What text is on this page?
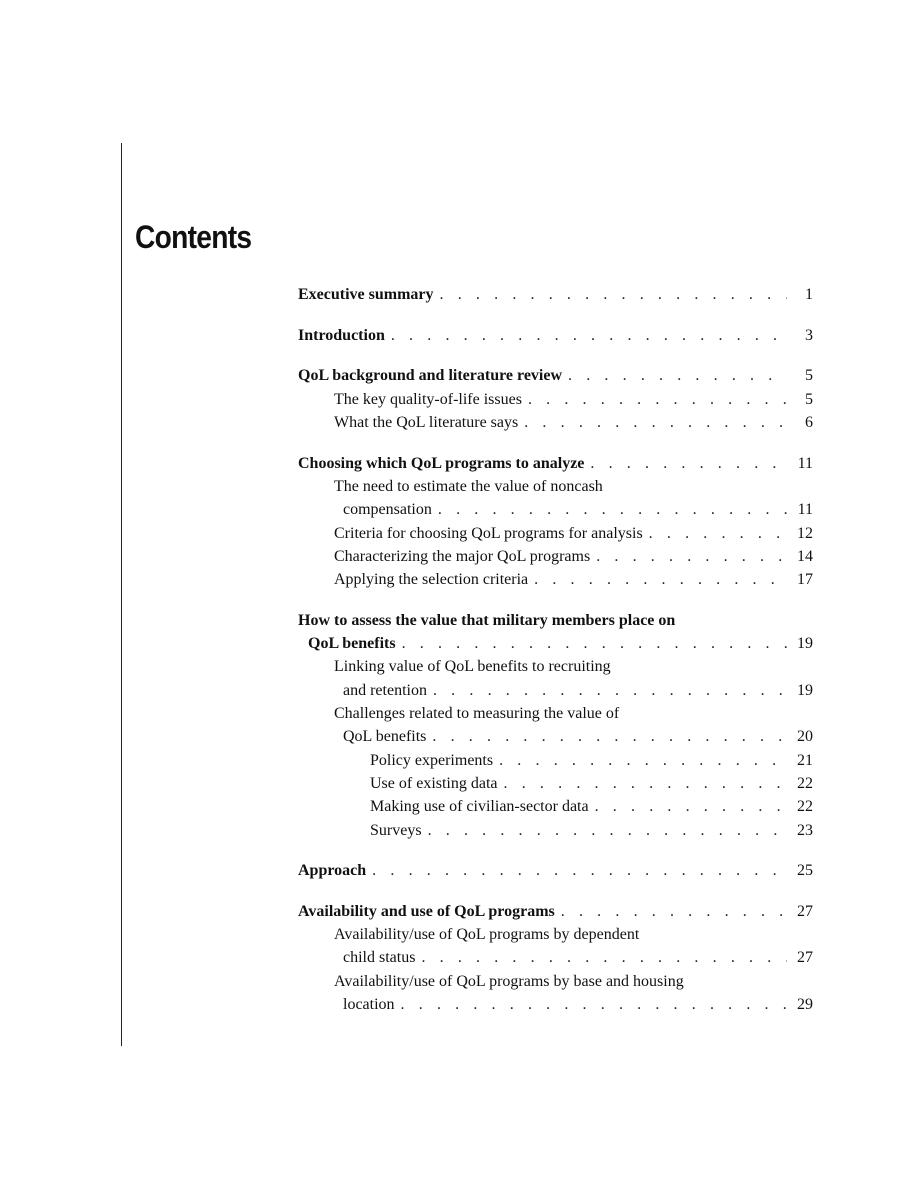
Contents
Executive summary . . .	1
Introduction . . .	3
QoL background and literature review . . .	5
The key quality-of-life issues . . .	5
What the QoL literature says . . .	6
Choosing which QoL programs to analyze . . .	11
The need to estimate the value of noncash
compensation . . .	11
Criteria for choosing QoL programs for analysis . . .	12
Characterizing the major QoL programs . . .	14
Applying the selection criteria . . .	17
How to assess the value that military members place on
QoL benefits . . .	19
Linking value of QoL benefits to recruiting
and retention . . .	19
Challenges related to measuring the value of
QoL benefits . . .	20
Policy experiments . . .	21
Use of existing data . . .	22
Making use of civilian-sector data . . .	22
Surveys . . .	23
Approach . . .	25
Availability and use of QoL programs . . .	27
Availability/use of QoL programs by dependent
child status . . .	27
Availability/use of QoL programs by base and housing
location . . .	29
